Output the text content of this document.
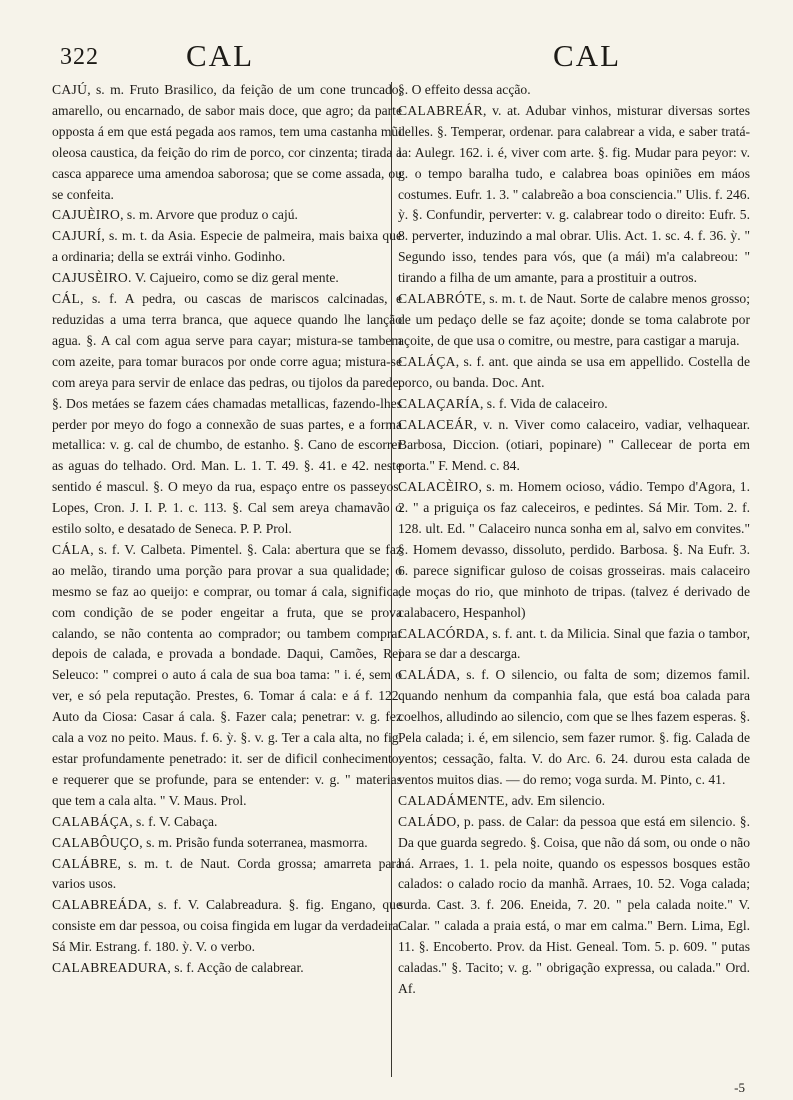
322	CAL	CAL

CAJÚ, s. m. Fruto Brasilico, da feição de um cone truncado, amarello, ou encarnado, de sabor mais doce, que agro; da parte opposta á em que está pegada aos ramos, tem uma castanha mũi oleosa caustica, da feição do rim de porco, cor cinzenta; tirada a casca apparece uma amendoa saborosa; que se come assada, ou se confeita.

CAJUÈIRO, s. m. Arvore que produz o cajú.

CAJURÍ, s. m. t. da Asia. Especie de palmeira, mais baixa que a ordinaria; della se extrái vinho. Godinho.

CAJUSÈIRO. V. Cajueiro, como se diz geral mente.

CÁL, s. f. A pedra, ou cascas de mariscos calcinadas, e reduzidas a uma terra branca, que aquece quando lhe lanção agua. §. A cal com agua serve para cayar; mistura-se tambem com azeite, para tomar buracos por onde corre agua; mistura-se com areya para servir de enlace das pedras, ou tijolos da parede. §. Dos metáes se fazem cáes chamadas metallicas, fazendo-lhes perder por meyo do fogo a connexão de suas partes, e a forma metallica: v. g. cal de chumbo, de estanho. §. Cano de escorrer as aguas do telhado. Ord. Man. L. 1. T. 49. §. 41. e 42. neste sentido é mascul. §. O meyo da rua, espaço entre os passeyos. Lopes, Cron. J. I. P. 1. c. 113. §. Cal sem areya chamavão o estilo solto, e desatado de Seneca. P. P. Prol.

CÁLA, s. f. V. Calbeta. Pimentel. §. Cala: abertura que se faz ao melão, tirando uma porção para provar a sua qualidade; o mesmo se faz ao queijo: e comprar, ou tomar á cala, significa, com condição de se poder engeitar a fruta, que se prova calando, se não contenta ao comprador; ou tambem comprar depois de calada, e provada a bondade. Daqui, Camões, Rei Seleuco: " comprei o auto á cala de sua boa tama: " i. é, sem o ver, e só pela reputação. Prestes, 6. Tomar á cala: e á f. 122. Auto da Ciosa: Casar á cala. §. Fazer cala; penetrar: v. g. fez cala a voz no peito. Maus. f. 6. ỳ. §. v. g. Ter a cala alta, no fig. estar profundamente penetrado: it. ser de dificil conhecimento, e requerer que se profunde, para se entender: v. g. " materias que tem a cala alta. " V. Maus. Prol.

CALABÁÇA, s. f. V. Cabaça.

CALABÔUÇO, s. m. Prisão funda soterranea, masmorra.

CALÁBRE, s. m. t. de Naut. Corda grossa; amarreta para varios usos.

CALABREÁDA, s. f. V. Calabreadura. §. fig. Engano, que consiste em dar pessoa, ou coisa fingida em lugar da verdadeira. Sá Mir. Estrang. f. 180. ỳ. V. o verbo.

CALABREADURA, s. f. Acção de calabrear.

§. O effeito dessa acção.

CALABREÁR, v. at. Adubar vinhos, misturar diversas sortes delles. §. Temperar, ordenar. para calabrear a vida, e saber tratá-la: Aulegr. 162. i. é, viver com arte. §. fig. Mudar para peyor: v. g. o tempo baralha tudo, e calabrea boas opiniões em máos costumes. Eufr. 1. 3. " calabreão a boa consciencia." Ulis. f. 246. ỳ. §. Confundir, perverter: v. g. calabrear todo o direito: Eufr. 5. 8. perverter, induzindo a mal obrar. Ulis. Act. 1. sc. 4. f. 36. ỳ. " Segundo isso, tendes para vós, que (a mái) m'a calabreou: " tirando a filha de um amante, para a prostituir a outros.

CALABRÓTE, s. m. t. de Naut. Sorte de calabre menos grosso; de um pedaço delle se faz açoite; donde se toma calabrote por açoite, de que usa o comitre, ou mestre, para castigar a maruja.

CALÁÇA, s. f. ant. que ainda se usa em appellido. Costella de porco, ou banda. Doc. Ant.

CALAÇARÍA, s. f. Vida de calaceiro.

CALACEÁR, v. n. Viver como calaceiro, vadiar, velhaquear. Barbosa, Diccion. (otiari, popinare) " Callecear de porta em porta." F. Mend. c. 84.

CALACÈIRO, s. m. Homem ocioso, vádio. Tempo d'Agora, 1. 2. " a priguiça os faz caleceiros, e pedintes. Sá Mir. Tom. 2. f. 128. ult. Ed. " Calaceiro nunca sonha em al, salvo em convites." §. Homem devasso, dissoluto, perdido. Barbosa. §. Na Eufr. 3. 6. parece significar guloso de coisas grosseiras. mais calaceiro de moças do rio, que minhoto de tripas. (talvez é derivado de calabacero, Hespanhol)

CALACÓRDA, s. f. ant. t. da Milicia. Sinal que fazia o tambor, para se dar a descarga.

CALÁDA, s. f. O silencio, ou falta de som; dizemos famil. quando nenhum da companhia fala, que está boa calada para coelhos, alludindo ao silencio, com que se lhes fazem esperas. §. Pela calada; i. é, em silencio, sem fazer rumor. §. fig. Calada de ventos; cessação, falta. V. do Arc. 6. 24. durou esta calada de ventos muitos dias. — do remo; voga surda. M. Pinto, c. 41.

CALADÁMENTE, adv. Em silencio.

CALÁDO, p. pass. de Calar: da pessoa que está em silencio. §. Da que guarda segredo. §. Coisa, que não dá som, ou onde o não há. Arraes, 1. 1. pela noite, quando os espessos bosques estão calados: o calado rocio da manhã. Arraes, 10. 52. Voga calada; surda. Cast. 3. f. 206. Eneida, 7. 20. " pela calada noite." V. Calar. " calada a praia está, o mar em calma." Bern. Lima, Egl. 11. §. Encoberto. Prov. da Hist. Geneal. Tom. 5. p. 609. " putas caladas." §. Tacito; v. g. " obrigação expressa, ou calada." Ord. Af.

-5
